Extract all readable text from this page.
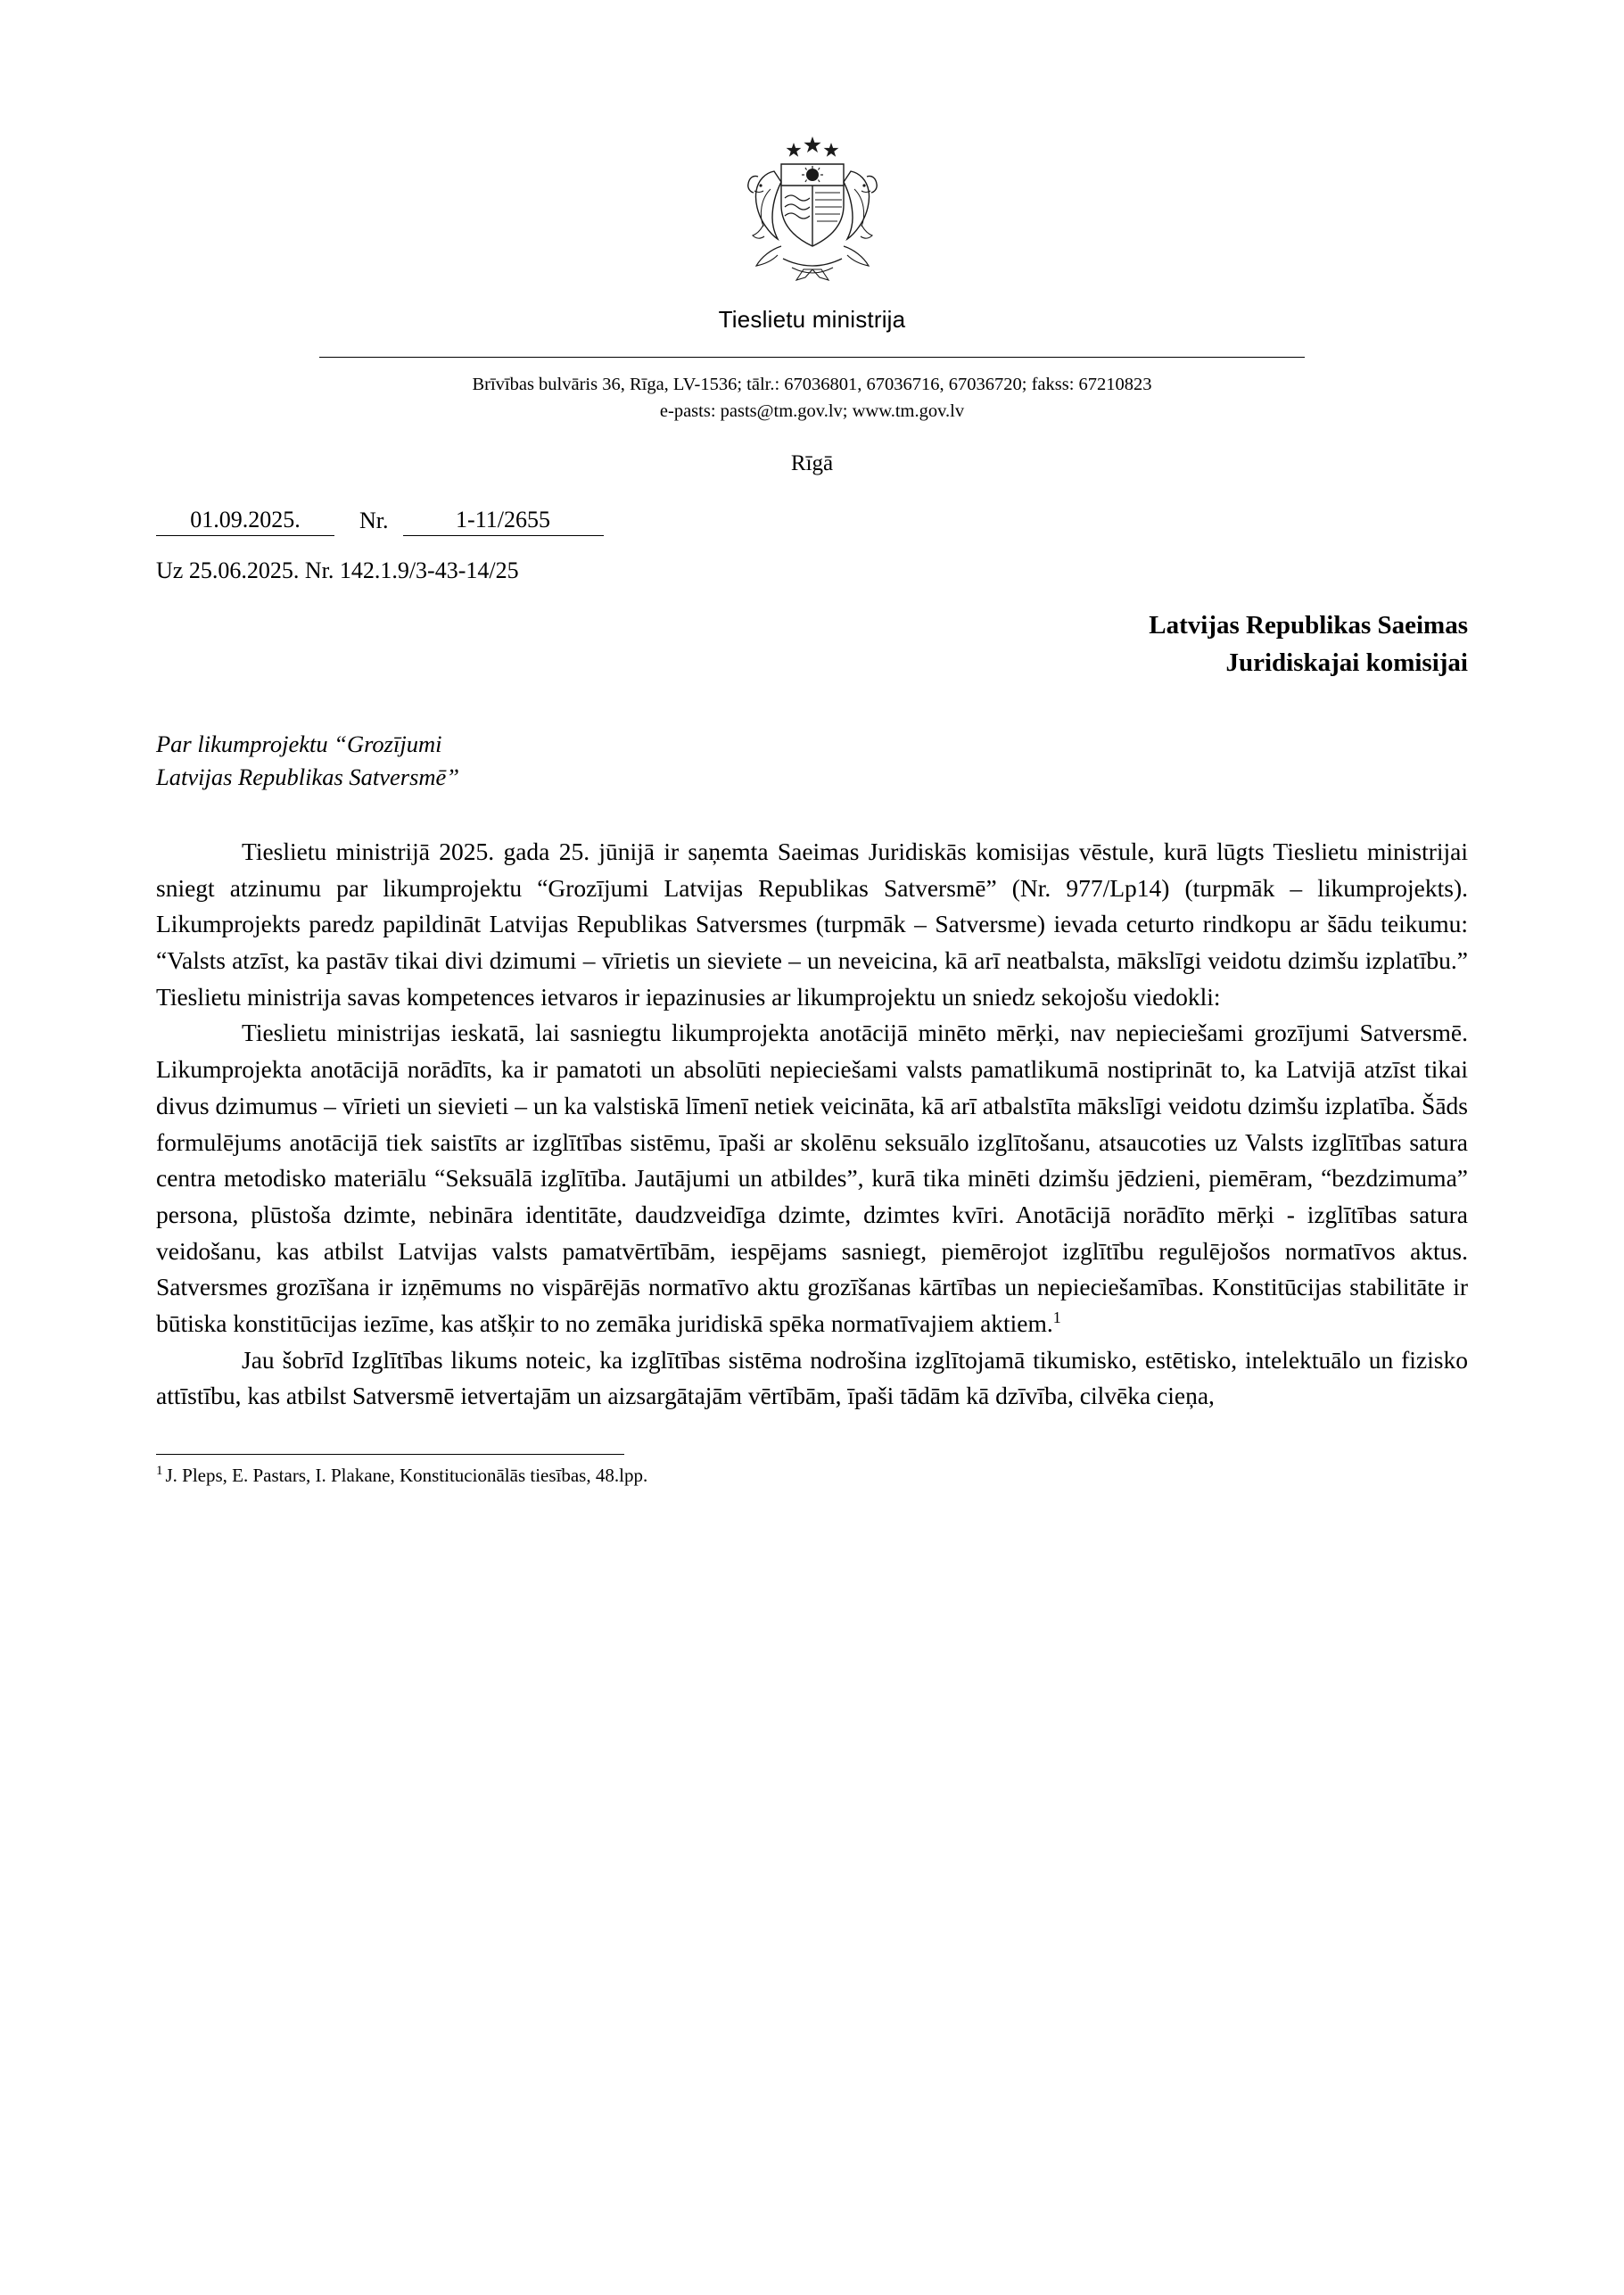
Tieslietu ministrija
Brīvības bulvāris 36, Rīga, LV-1536; tālr.: 67036801, 67036716, 67036720; fakss: 67210823
e-pasts: pasts@tm.gov.lv; www.tm.gov.lv
Rīgā
01.09.2025.	Nr.	1-11/2655
Uz 25.06.2025. Nr. 142.1.9/3-43-14/25
Latvijas Republikas Saeimas
Juridiskajai komisijai
Par likumprojektu “Grozījumi
Latvijas Republikas Satversmē”

Tieslietu ministrijā 2025. gada 25. jūnijā ir saņemta Saeimas Juridiskās komisijas vēstule, kurā lūgts Tieslietu ministrijai sniegt atzinumu par likumprojektu “Grozījumi Latvijas Republikas Satversmē” (Nr. 977/Lp14) (turpmāk – likumprojekts). Likumprojekts paredz papildināt Latvijas Republikas Satversmes (turpmāk – Satversme) ievada ceturto rindkopu ar šādu teikumu: “Valsts atzīst, ka pastāv tikai divi dzimumi – vīrietis un sieviete – un neveicina, kā arī neatbalsta, mākslīgi veidotu dzimšu izplatību.” Tieslietu ministrija savas kompetences ietvaros ir iepazinusies ar likumprojektu un sniedz sekojošu viedokli:

Tieslietu ministrijas ieskatā, lai sasniegtu likumprojekta anotācijā minēto mērķi, nav nepieciešami grozījumi Satversmē. Likumprojekta anotācijā norādīts, ka ir pamatoti un absolūti nepieciešami valsts pamatlikumā nostiprināt to, ka Latvijā atzīst tikai divus dzimumus – vīrieti un sievieti – un ka valstiskā līmenī netiek veicināta, kā arī atbalstīta mākslīgi veidotu dzimšu izplatība. Šāds formulējums anotācijā tiek saistīts ar izglītības sistēmu, īpaši ar skolēnu seksuālo izglītošanu, atsaucoties uz Valsts izglītības satura centra metodisko materiālu “Seksuālā izglītība. Jautājumi un atbildes”, kurā tika minēti dzimšu jēdzieni, piemēram, “bezdzimuma” persona, plūstoša dzimte, nebināra identitāte, daudzveidīga dzimte, dzimtes kvīri. Anotācijā norādīto mērķi - izglītības satura veidošanu, kas atbilst Latvijas valsts pamatvērtībām, iespējams sasniegt, piemērojot izglītību regulējošos normatīvos aktus. Satversmes grozīšana ir izņēmums no vispārējās normatīvo aktu grozīšanas kārtības un nepieciešamības. Konstitūcijas stabilitāte ir būtiska konstitūcijas iezīme, kas atšķir to no zemāka juridiskā spēka normatīvajiem aktiem.$^1$

Jau šobrīd Izglītības likums noteic, ka izglītības sistēma nodrošina izglītojamā tikumisko, estētisko, intelektuālo un fizisko attīstību, kas atbilst Satversmē ietvertajām un aizsargātajām vērtībām, īpaši tādām kā dzīvība, cilvēka cieņa,

$^1$ J. Pleps, E. Pastars, I. Plakane, Konstitucionālās tiesības, 48.lpp.
